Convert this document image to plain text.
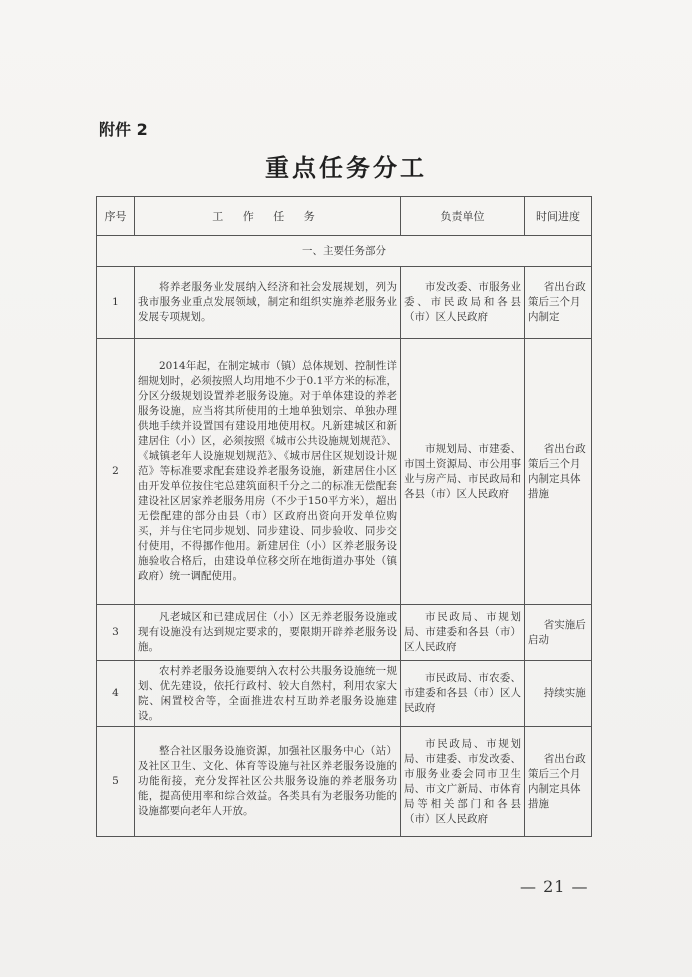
附件 2
重点任务分工
序号	工 作 任 务	负责单位	时间进度
一、主要任务部分			
1	将养老服务业发展纳入经济和社会发展规划，列为我市服务业重点发展领域，制定和组织实施养老服务业发展专项规划。	市发改委、市服务业委、市民政局和各县（市）区人民政府	省出台政策后三个月内制定
2	2014年起，在制定城市（镇）总体规划、控制性详细规划时，必须按照人均用地不少于0.1平方米的标准，分区分级规划设置养老服务设施。对于单体建设的养老服务设施，应当将其所使用的土地单独划宗、单独办理供地手续并设置国有建设用地使用权。凡新建城区和新建居住（小）区，必须按照《城市公共设施规划规范》、《城镇老年人设施规划规范》、《城市居住区规划设计规范》等标准要求配套建设养老服务设施，新建居住小区由开发单位按住宅总建筑面积千分之二的标准无偿配套建设社区居家养老服务用房（不少于150平方米），超出无偿配建的部分由县（市）区政府出资向开发单位购买，并与住宅同步规划、同步建设、同步验收、同步交付使用，不得挪作他用。新建居住（小）区养老服务设施验收合格后，由建设单位移交所在地街道办事处（镇政府）统一调配使用。	市规划局、市建委、市国土资源局、市公用事业与房产局、市民政局和各县（市）区人民政府	省出台政策后三个月内制定具体措施
3	凡老城区和已建成居住（小）区无养老服务设施或现有设施没有达到规定要求的，要限期开辟养老服务设施。	市民政局、市规划局、市建委和各县（市）区人民政府	省实施后启动
4	农村养老服务设施要纳入农村公共服务设施统一规划、优先建设，依托行政村、较大自然村，利用农家大院、闲置校舍等，全面推进农村互助养老服务设施建设。	市民政局、市农委、市建委和各县（市）区人民政府	持续实施
5	整合社区服务设施资源，加强社区服务中心（站）及社区卫生、文化、体育等设施与社区养老服务设施的功能衔接，充分发挥社区公共服务设施的养老服务功能，提高使用率和综合效益。各类具有为老服务功能的设施都要向老年人开放。	市民政局、市规划局、市建委、市发改委、市服务业委会同市卫生局、市文广新局、市体育局等相关部门和各县（市）区人民政府	省出台政策后三个月内制定具体措施
— 21 —
